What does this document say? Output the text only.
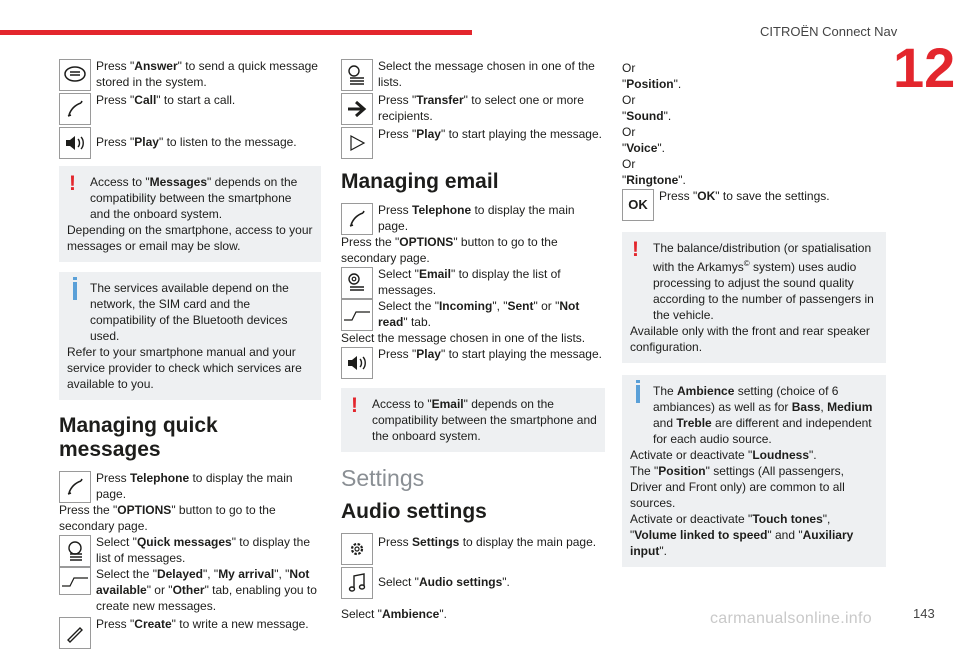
CITROËN Connect Nav
12
143
carmanualsonline.info
Press "Answer" to send a quick message stored in the system.
Press "Call" to start a call.
Press "Play" to listen to the message.
!	Access to "Messages" depends on the compatibility between the smartphone and the onboard system.
Depending on the smartphone, access to your messages or email may be slow.
The services available depend on the network, the SIM card and the compatibility of the Bluetooth devices used.
Refer to your smartphone manual and your service provider to check which services are available to you.
Managing quick messages
Press Telephone to display the main page.

Press the "OPTIONS" button to go to the secondary page.

Select "Quick messages" to display the list of messages.
Select the "Delayed", "My arrival", "Not available" or "Other" tab, enabling you to create new messages.
Press "Create" to write a new message.
Select the message chosen in one of the lists.
Press "Transfer" to select one or more recipients.
Press "Play" to start playing the message.
Managing email
Press Telephone to display the main page.

Press the "OPTIONS" button to go to the secondary page.

Select "Email" to display the list of messages.
Select the "Incoming", "Sent" or "Not read" tab.

Select the message chosen in one of the lists.

Press "Play" to start playing the message.
!	Access to "Email" depends on the compatibility between the smartphone and the onboard system.
Settings
Audio settings
Press Settings to display the main page.
Select "Audio settings".

Select "Ambience".

Or
"Position".
Or
"Sound".
Or
"Voice".
Or
"Ringtone".
OK
Press "OK" to save the settings.
!	The balance/distribution (or spatialisation with the Arkamys© system) uses audio processing to adjust the sound quality according to the number of passengers in the vehicle.
Available only with the front and rear speaker configuration.
The Ambience setting (choice of 6 ambiances) as well as for Bass, Medium and Treble are different and independent for each audio source.
Activate or deactivate "Loudness".
The "Position" settings (All passengers, Driver and Front only) are common to all sources.
Activate or deactivate "Touch tones", "Volume linked to speed" and "Auxiliary input".
